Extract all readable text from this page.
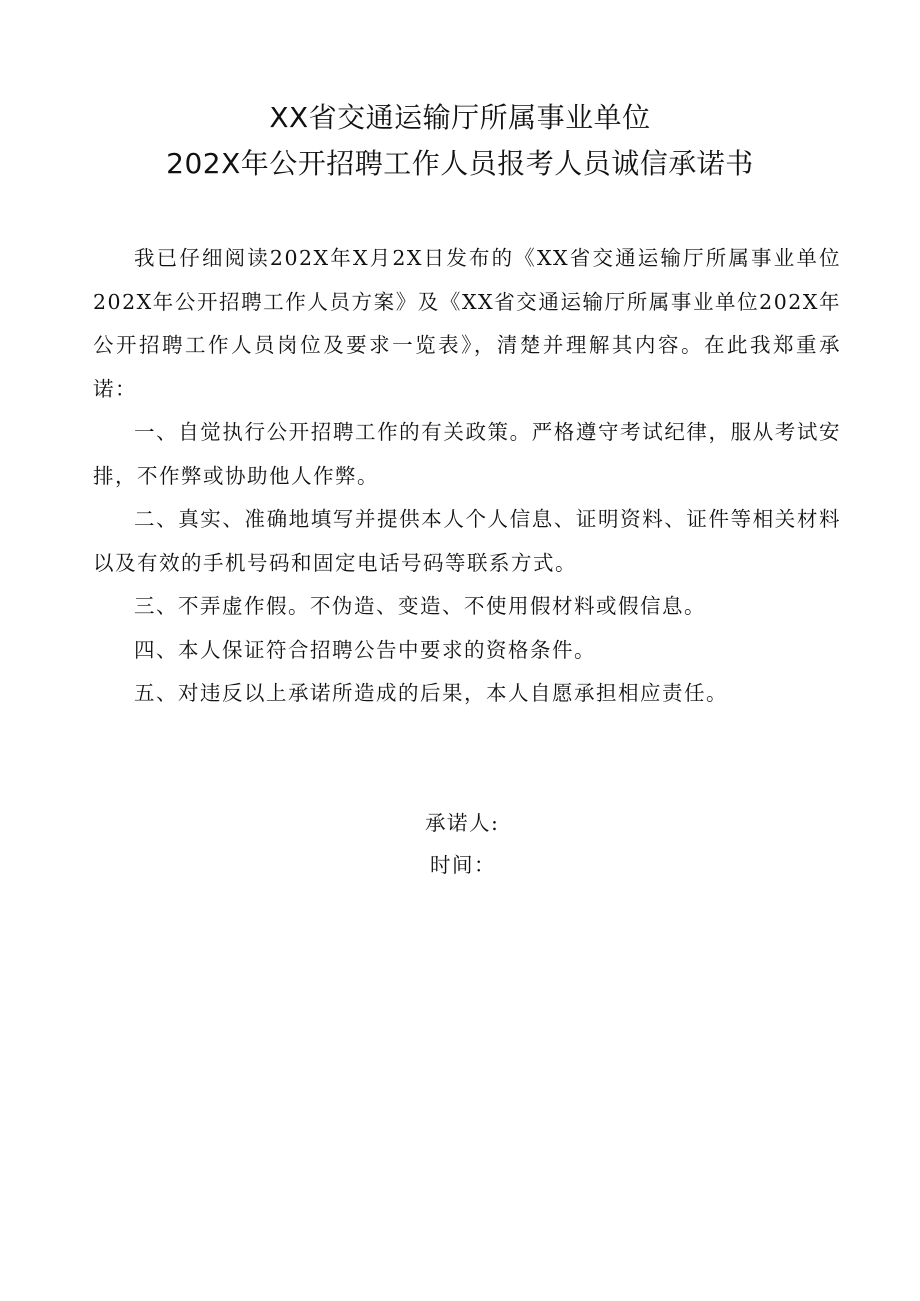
XX省交通运输厅所属事业单位
202X年公开招聘工作人员报考人员诚信承诺书

我已仔细阅读202X年X月2X日发布的《XX省交通运输厅所属事业单位202X年公开招聘工作人员方案》及《XX省交通运输厅所属事业单位202X年公开招聘工作人员岗位及要求一览表》，清楚并理解其内容。在此我郑重承诺：

一、自觉执行公开招聘工作的有关政策。严格遵守考试纪律，服从考试安排，不作弊或协助他人作弊。

二、真实、准确地填写并提供本人个人信息、证明资料、证件等相关材料以及有效的手机号码和固定电话号码等联系方式。

三、不弄虚作假。不伪造、变造、不使用假材料或假信息。

四、本人保证符合招聘公告中要求的资格条件。

五、对违反以上承诺所造成的后果，本人自愿承担相应责任。

承诺人:
时间：
